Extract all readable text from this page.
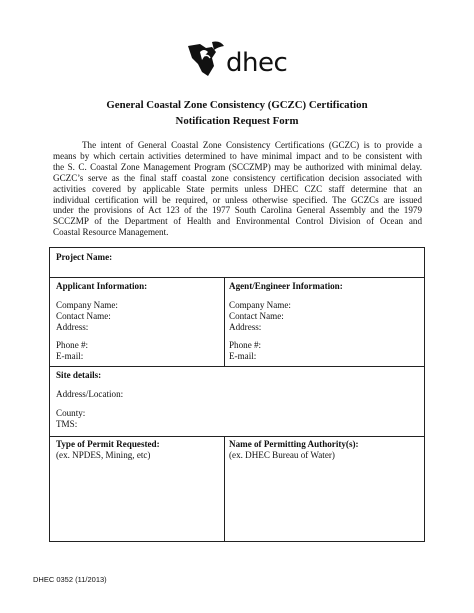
dhec
General Coastal Zone Consistency (GCZC) Certification
Notification Request Form
The intent of General Coastal Zone Consistency Certifications (GCZC) is to provide a
means by which certain activities determined to have minimal impact and to be consistent with
the S. C. Coastal Zone Management Program (SCCZMP) may be authorized with minimal delay.
GCZC’s serve as the final staff coastal zone consistency certification decision associated with
activities covered by applicable State permits unless DHEC CZC staff determine that an
individual certification will be required, or unless otherwise specified. The GCZCs are issued
under the provisions of Act 123 of the 1977 South Carolina General Assembly and the 1979
SCCZMP of the Department of Health and Environmental Control Division of Ocean and
Coastal Resource Management.
Project Name:
Applicant Information:
Company Name:
Contact Name:
Address:
Phone #:
E-mail:
Agent/Engineer Information:
Company Name:
Contact Name:
Address:
Phone #:
E-mail:
Site details:
Address/Location:
County:
TMS:
Type of Permit Requested:
(ex. NPDES, Mining, etc)
Name of Permitting Authority(s):
(ex. DHEC Bureau of Water)
DHEC 0352 (11/2013)
